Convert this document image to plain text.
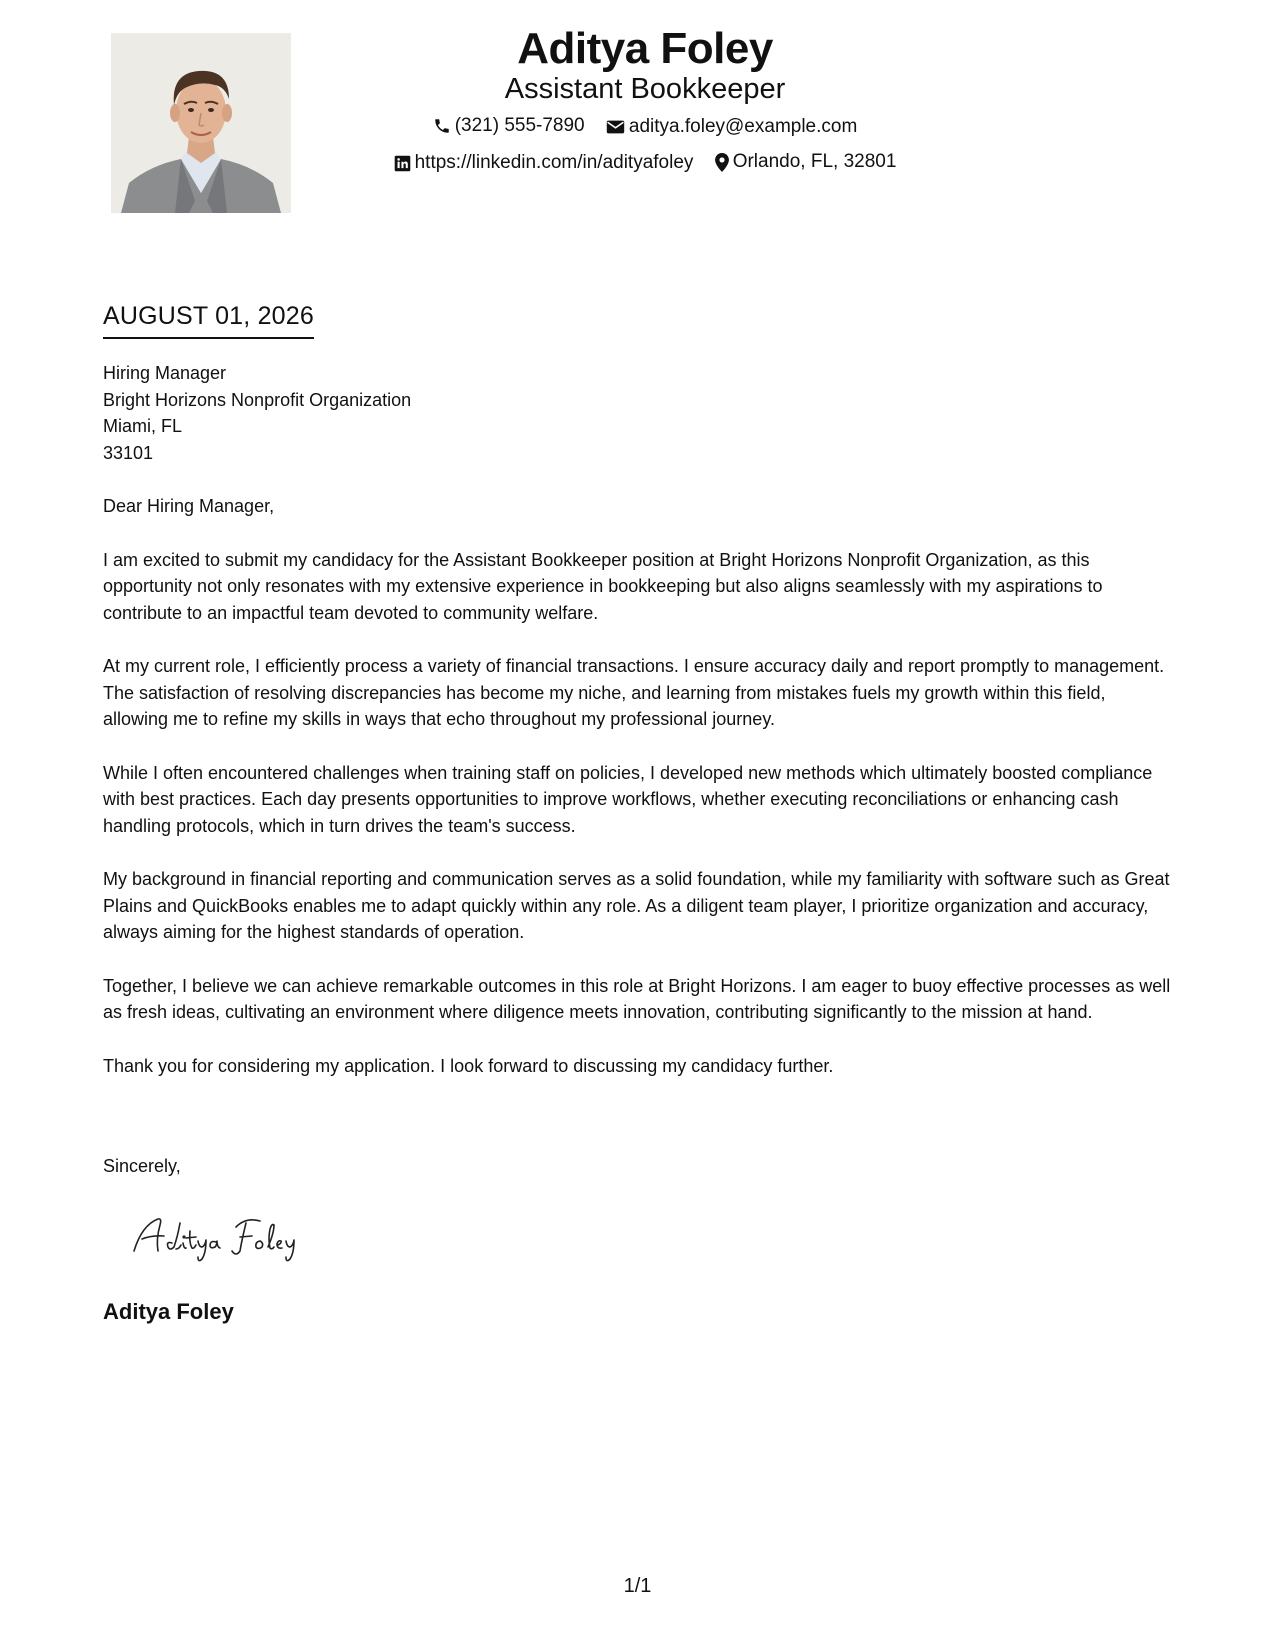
Aditya Foley
Assistant Bookkeeper
(321) 555-7890
aditya.foley@example.com
https://linkedin.com/in/adityafoley
Orlando, FL, 32801
AUGUST 01, 2026
Hiring Manager
Bright Horizons Nonprofit Organization
Miami, FL
33101
Dear Hiring Manager,
I am excited to submit my candidacy for the Assistant Bookkeeper position at Bright Horizons Nonprofit Organization, as this opportunity not only resonates with my extensive experience in bookkeeping but also aligns seamlessly with my aspirations to contribute to an impactful team devoted to community welfare.
At my current role, I efficiently process a variety of financial transactions. I ensure accuracy daily and report promptly to management. The satisfaction of resolving discrepancies has become my niche, and learning from mistakes fuels my growth within this field, allowing me to refine my skills in ways that echo throughout my professional journey.
While I often encountered challenges when training staff on policies, I developed new methods which ultimately boosted compliance with best practices. Each day presents opportunities to improve workflows, whether executing reconciliations or enhancing cash handling protocols, which in turn drives the team's success.
My background in financial reporting and communication serves as a solid foundation, while my familiarity with software such as Great Plains and QuickBooks enables me to adapt quickly within any role. As a diligent team player, I prioritize organization and accuracy, always aiming for the highest standards of operation.
Together, I believe we can achieve remarkable outcomes in this role at Bright Horizons. I am eager to buoy effective processes as well as fresh ideas, cultivating an environment where diligence meets innovation, contributing significantly to the mission at hand.
Thank you for considering my application. I look forward to discussing my candidacy further.
Sincerely,
Aditya Foley
1/1
